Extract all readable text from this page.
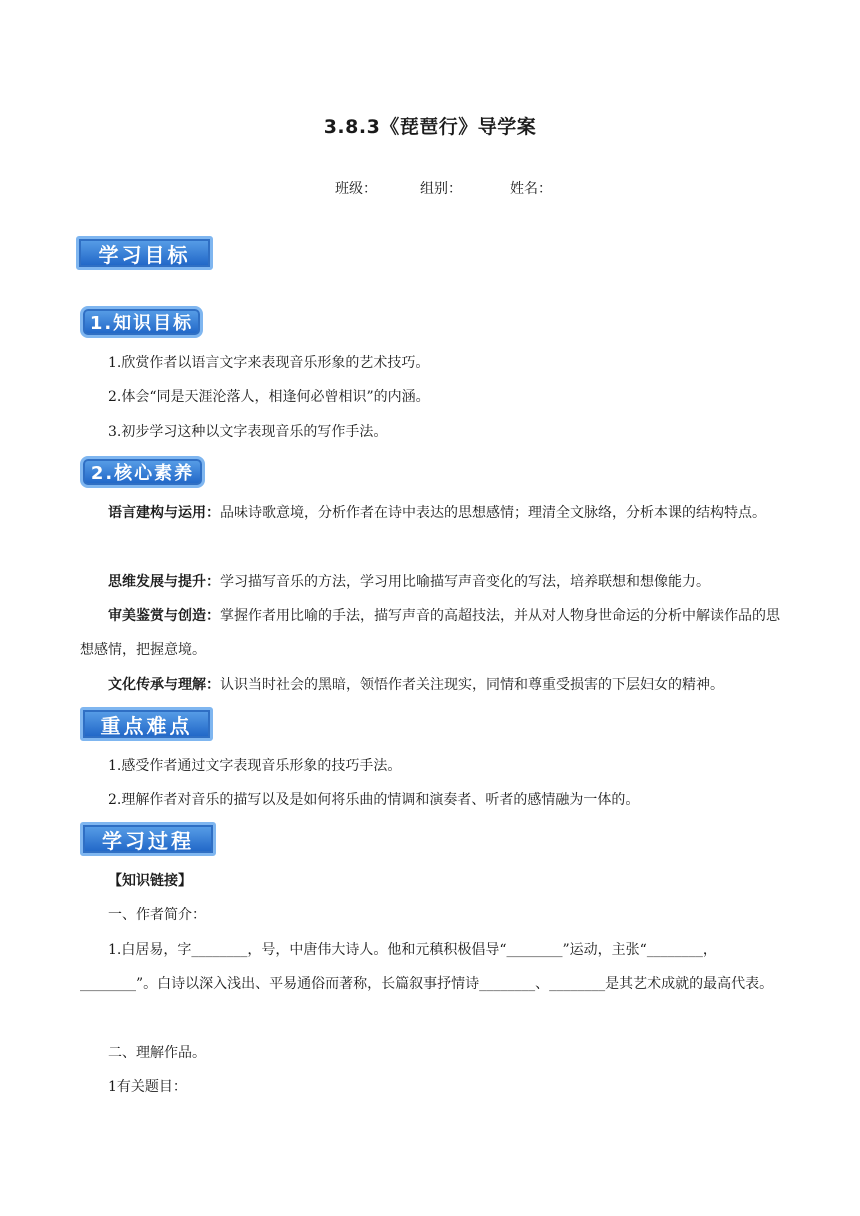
3.8.3《琵琶行》导学案
班级：	组别：	姓名：
学习目标
1.知识目标
1.欣赏作者以语言文字来表现音乐形象的艺术技巧。
2.体会“同是天涯沦落人，相逢何必曾相识”的内涵。
3.初步学习这种以文字表现音乐的写作手法。
2.核心素养
语言建构与运用：品味诗歌意境，分析作者在诗中表达的思想感情；理清全文脉络，分析本课的结构特点。
思维发展与提升：学习描写音乐的方法，学习用比喻描写声音变化的写法，培养联想和想像能力。
审美鉴赏与创造：掌握作者用比喻的手法，描写声音的高超技法，并从对人物身世命运的分析中解读作品的思想感情，把握意境。
文化传承与理解：认识当时社会的黑暗，领悟作者关注现实，同情和尊重受损害的下层妇女的精神。
重点难点
1.感受作者通过文字表现音乐形象的技巧手法。
2.理解作者对音乐的描写以及是如何将乐曲的情调和演奏者、听者的感情融为一体的。
学习过程
【知识链接】
一、作者简介：
1.白居易，字________，号，中唐伟大诗人。他和元稹积极倡导“________”运动，主张“________，________”。白诗以深入浅出、平易通俗而著称，长篇叙事抒情诗________、________是其艺术成就的最高代表。
二、理解作品。
1有关题目：
